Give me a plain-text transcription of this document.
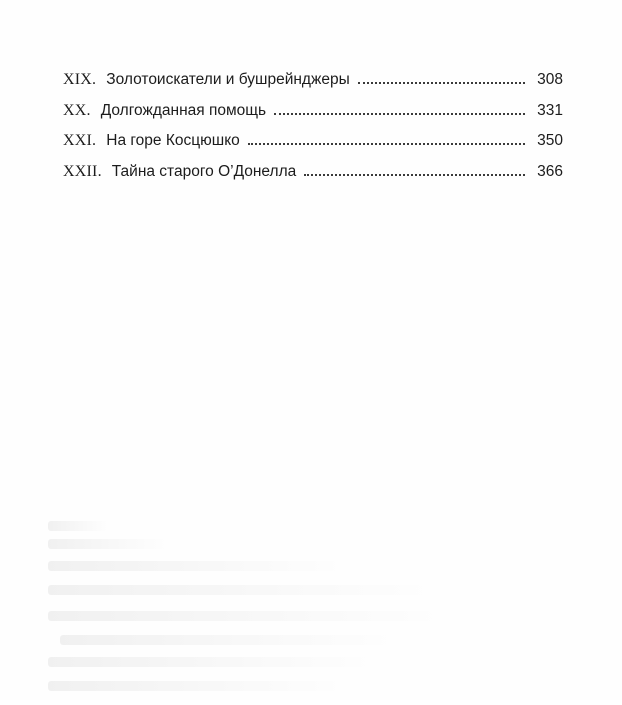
XIX. Золотоискатели и бушрейнджеры	308
XX. Долгожданная помощь	331
XXI. На горе Косцюшко	350
XXII. Тайна старого О’Донелла	366
